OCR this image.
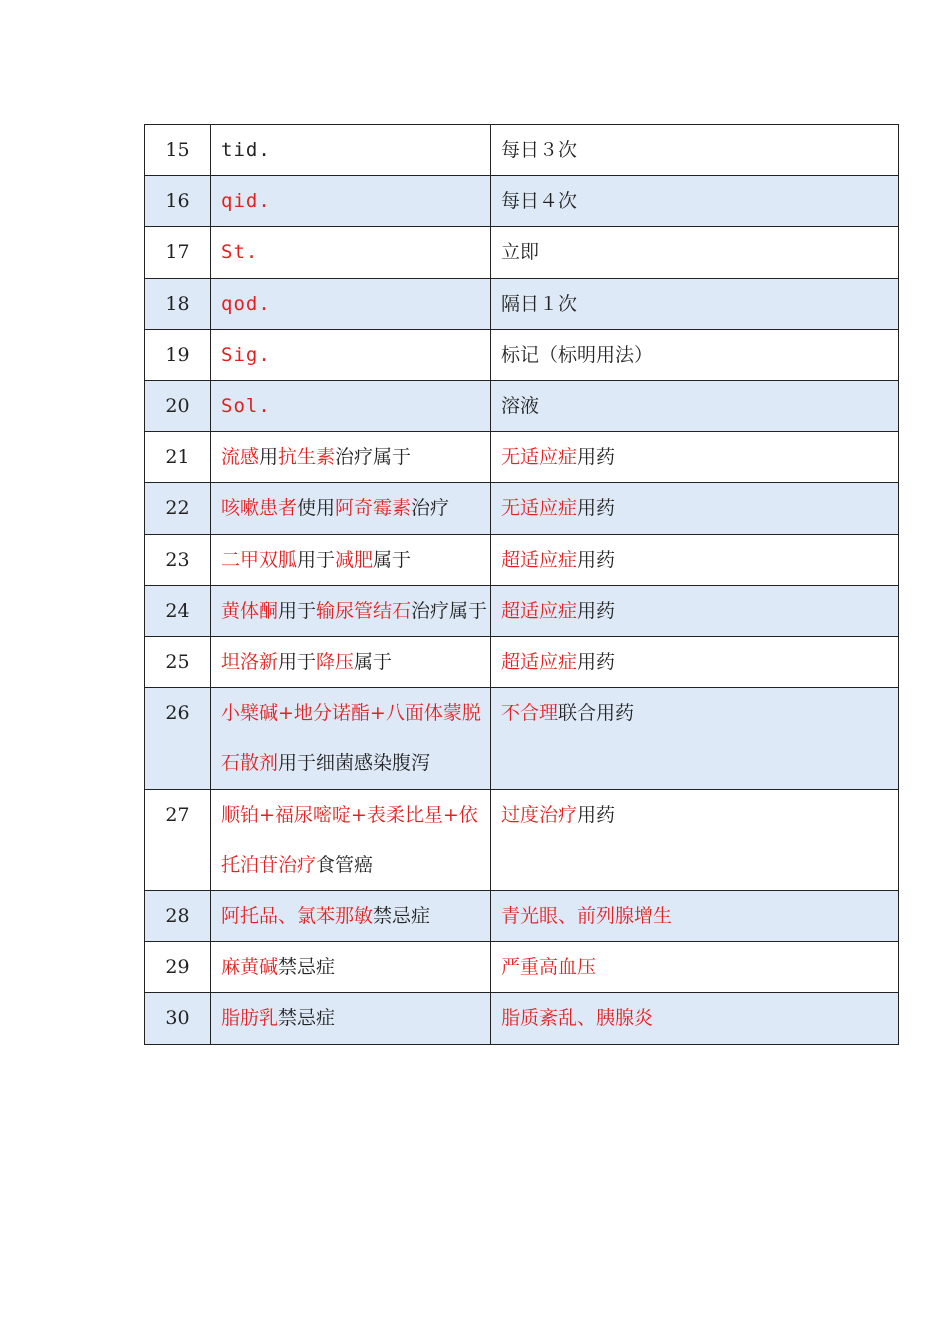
15	tid.	每日３次
16	qid.	每日４次
17	St.	立即
18	qod.	隔日１次
19	Sig.	标记（标明用法）
20	Sol.	溶液
21	流感用抗生素治疗属于	无适应症用药
22	咳嗽患者使用阿奇霉素治疗	无适应症用药
23	二甲双胍用于减肥属于	超适应症用药
24	黄体酮用于输尿管结石治疗属于	超适应症用药
25	坦洛新用于降压属于	超适应症用药
26	小檗碱+地分诺酯+八面体蒙脱石散剂用于细菌感染腹泻	不合理联合用药
27	顺铂+福尿嘧啶+表柔比星+依托泊苷治疗食管癌	过度治疗用药
28	阿托品、氯苯那敏禁忌症	青光眼、前列腺增生
29	麻黄碱禁忌症	严重高血压
30	脂肪乳禁忌症	脂质紊乱、胰腺炎
